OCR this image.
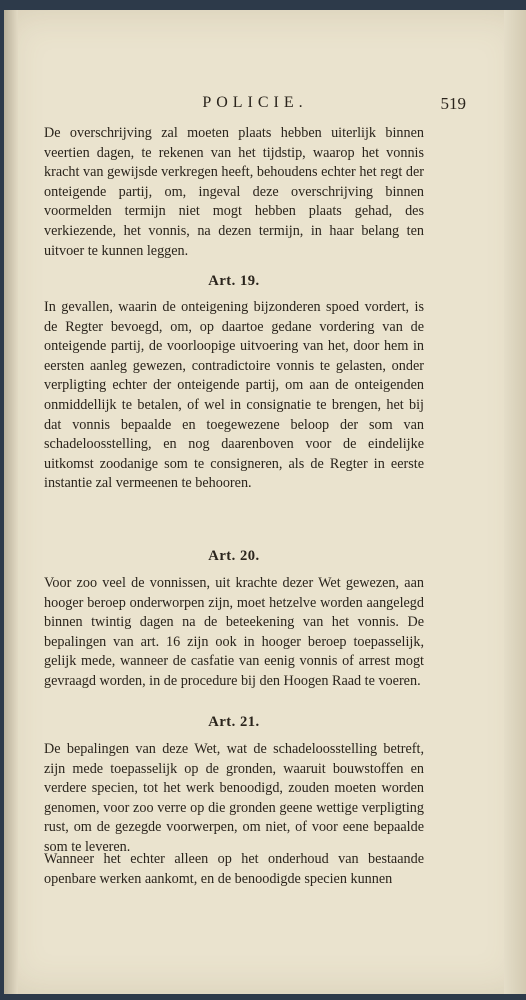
POLICIE.	519

De overschrijving zal moeten plaats hebben uiterlijk binnen veertien dagen, te rekenen van het tijdstip, waarop het vonnis kracht van gewijsde verkregen heeft, behoudens echter het regt der onteigende partij, om, ingeval deze overschrijving binnen voormelden termijn niet mogt hebben plaats gehad, des verkiezende, het vonnis, na dezen termijn, in haar belang ten uitvoer te kunnen leggen.

Art. 19.

In gevallen, waarin de onteigening bijzonderen spoed vordert, is de Regter bevoegd, om, op daartoe gedane vordering van de onteigende partij, de voorloopige uitvoering van het, door hem in eersten aanleg gewezen, contradictoire vonnis te gelasten, onder verpligting echter der onteigende partij, om aan de onteigenden onmiddellijk te betalen, of wel in consignatie te brengen, het bij dat vonnis bepaalde en toegewezene beloop der som van schadeloosstelling, en nog daarenboven voor de eindelijke uitkomst zoodanige som te consigneren, als de Regter in eerste instantie zal vermeenen te behooren.

Art. 20.

Voor zoo veel de vonnissen, uit krachte dezer Wet gewezen, aan hooger beroep onderworpen zijn, moet hetzelve worden aangelegd binnen twintig dagen na de beteekening van het vonnis. De bepalingen van art. 16 zijn ook in hooger beroep toepasselijk, gelijk mede, wanneer de casfatie van eenig vonnis of arrest mogt gevraagd worden, in de procedure bij den Hoogen Raad te voeren.

Art. 21.

De bepalingen van deze Wet, wat de schadeloosstelling betreft, zijn mede toepasselijk op de gronden, waaruit bouwstoffen en verdere specien, tot het werk benoodigd, zouden moeten worden genomen, voor zoo verre op die gronden geene wettige verpligting rust, om de gezegde voorwerpen, om niet, of voor eene bepaalde som te leveren.

Wanneer het echter alleen op het onderhoud van bestaande openbare werken aankomt, en de benoodigde specien kunnen
